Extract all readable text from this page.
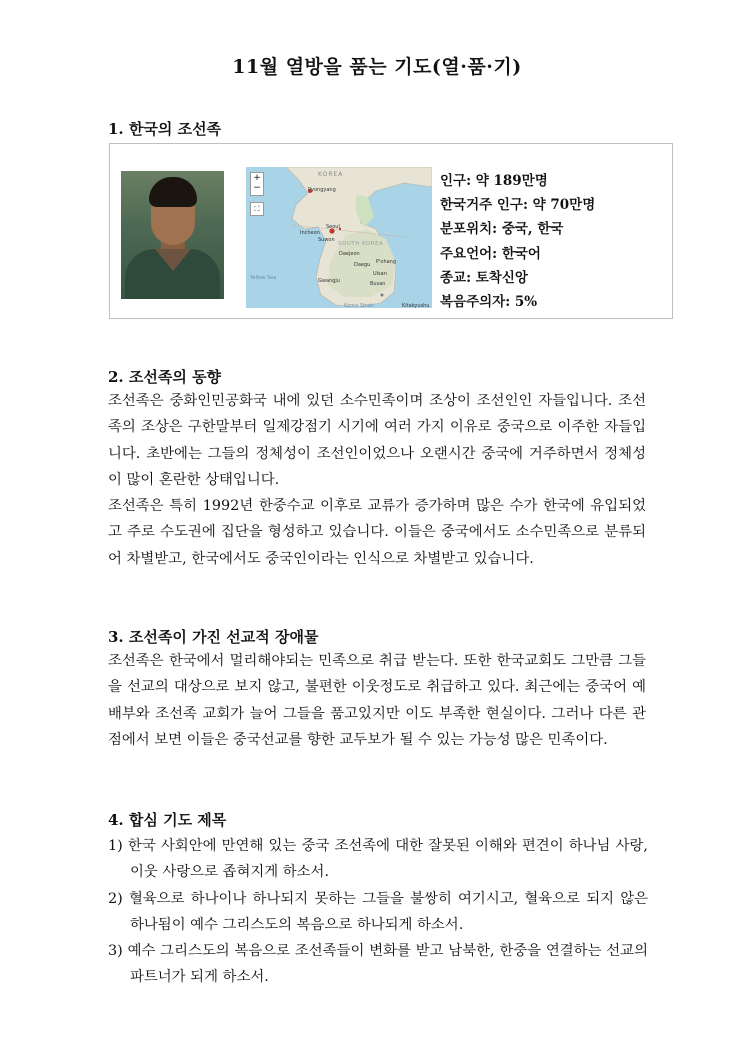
11월 열방을 품는 기도(열·품·기)
1. 한국의 조선족
KOREA
Pyongyang
Incheon
Seoul
Suwon
SOUTH KOREA
Daejeon
Daegu P'ohang
Ulsan
Gwangju	Busan
Yellow Sea
Korea Strait	Kitakyushu
+
−
⛶
인구: 약 189만명
한국거주 인구: 약 70만명
분포위치: 중국, 한국
주요언어: 한국어
종교: 토착신앙
복음주의자: 5%
2. 조선족의 동향
조선족은 중화인민공화국 내에 있던 소수민족이며 조상이 조선인인 자들입니다. 조선족의 조상은 구한말부터 일제강점기 시기에 여러 가지 이유로 중국으로 이주한 자들입니다. 초반에는 그들의 정체성이 조선인이었으나 오랜시간 중국에 거주하면서 정체성이 많이 혼란한 상태입니다.
조선족은 특히 1992년 한중수교 이후로 교류가 증가하며 많은 수가 한국에 유입되었고 주로 수도권에 집단을 형성하고 있습니다. 이들은 중국에서도 소수민족으로 분류되어 차별받고, 한국에서도 중국인이라는 인식으로 차별받고 있습니다.
3. 조선족이 가진 선교적 장애물
조선족은 한국에서 멀리해야되는 민족으로 취급 받는다. 또한 한국교회도 그만큼 그들을 선교의 대상으로 보지 않고, 불편한 이웃정도로 취급하고 있다. 최근에는 중국어 예배부와 조선족 교회가 늘어 그들을 품고있지만 이도 부족한 현실이다. 그러나 다른 관점에서 보면 이들은 중국선교를 향한 교두보가 될 수 있는 가능성 많은 민족이다.
4. 합심 기도 제목
1) 한국 사회안에 만연해 있는 중국 조선족에 대한 잘못된 이해와 편견이 하나님 사랑, 이웃 사랑으로 좁혀지게 하소서.
2) 혈육으로 하나이나 하나되지 못하는 그들을 불쌍히 여기시고, 혈육으로 되지 않은 하나됨이 예수 그리스도의 복음으로 하나되게 하소서.
3) 예수 그리스도의 복음으로 조선족들이 변화를 받고 남북한, 한중을 연결하는 선교의 파트너가 되게 하소서.
